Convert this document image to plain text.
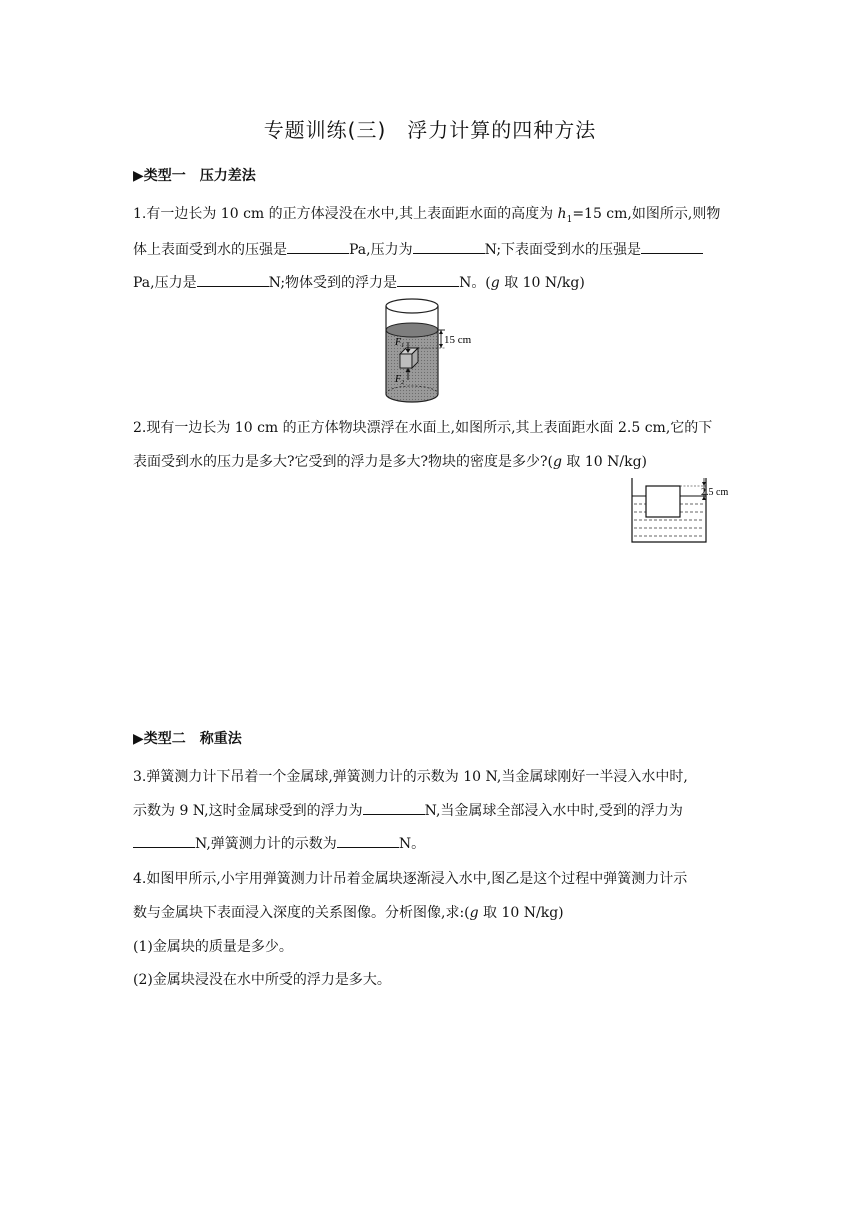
专题训练(三)　浮力计算的四种方法
▶类型一　压力差法
1.有一边长为 10 cm 的正方体浸没在水中,其上表面距水面的高度为 $h_1=15$ cm,如图所示,则物
体上表面受到水的压强是	Pa,压力为	N;下表面受到水的压强是
Pa,压力是	N;物体受到的浮力是	N。(g 取 10 N/kg)
$F_1$
$F_2$
15 cm
2.现有一边长为 10 cm 的正方体物块漂浮在水面上,如图所示,其上表面距水面 2.5 cm,它的下
表面受到水的压力是多大?它受到的浮力是多大?物块的密度是多少?(g 取 10 N/kg)
2.5 cm
▶类型二　称重法
3.弹簧测力计下吊着一个金属球,弹簧测力计的示数为 10 N,当金属球刚好一半浸入水中时,
示数为 9 N,这时金属球受到的浮力为	N,当金属球全部浸入水中时,受到的浮力为
N,弹簧测力计的示数为	N。
4.如图甲所示,小宇用弹簧测力计吊着金属块逐渐浸入水中,图乙是这个过程中弹簧测力计示
数与金属块下表面浸入深度的关系图像。分析图像,求:(g 取 10 N/kg)
(1)金属块的质量是多少。
(2)金属块浸没在水中所受的浮力是多大。
